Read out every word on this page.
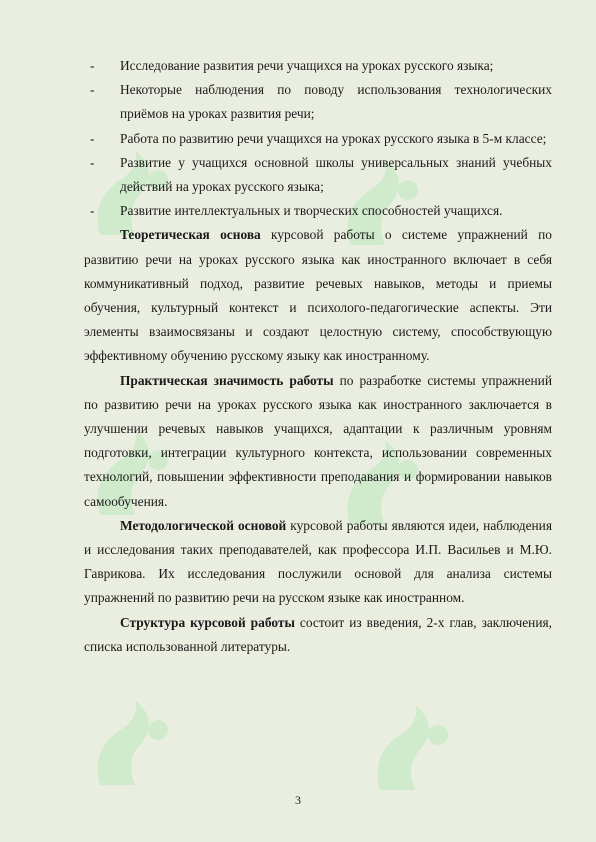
- Исследование развития речи учащихся на уроках русского языка;
- Некоторые наблюдения по поводу использования технологических приёмов на уроках развития речи;
- Работа по развитию речи учащихся на уроках русского языка в 5-м классе;
- Развитие у учащихся основной школы универсальных знаний учебных действий на уроках русского языка;
- Развитие интеллектуальных и творческих способностей учащихся.

Теоретическая основа курсовой работы о системе упражнений по развитию речи на уроках русского языка как иностранного включает в себя коммуникативный подход, развитие речевых навыков, методы и приемы обучения, культурный контекст и психолого-педагогические аспекты. Эти элементы взаимосвязаны и создают целостную систему, способствующую эффективному обучению русскому языку как иностранному.

Практическая значимость работы по разработке системы упражнений по развитию речи на уроках русского языка как иностранного заключается в улучшении речевых навыков учащихся, адаптации к различным уровням подготовки, интеграции культурного контекста, использовании современных технологий, повышении эффективности преподавания и формировании навыков самообучения.

Методологической основой курсовой работы являются идеи, наблюдения и исследования таких преподавателей, как профессора И.П. Васильев и М.Ю. Гаврикова. Их исследования послужили основой для анализа системы упражнений по развитию речи на русском языке как иностранном.

Структура курсовой работы состоит из введения, 2-х глав, заключения, списка использованной литературы.

3
